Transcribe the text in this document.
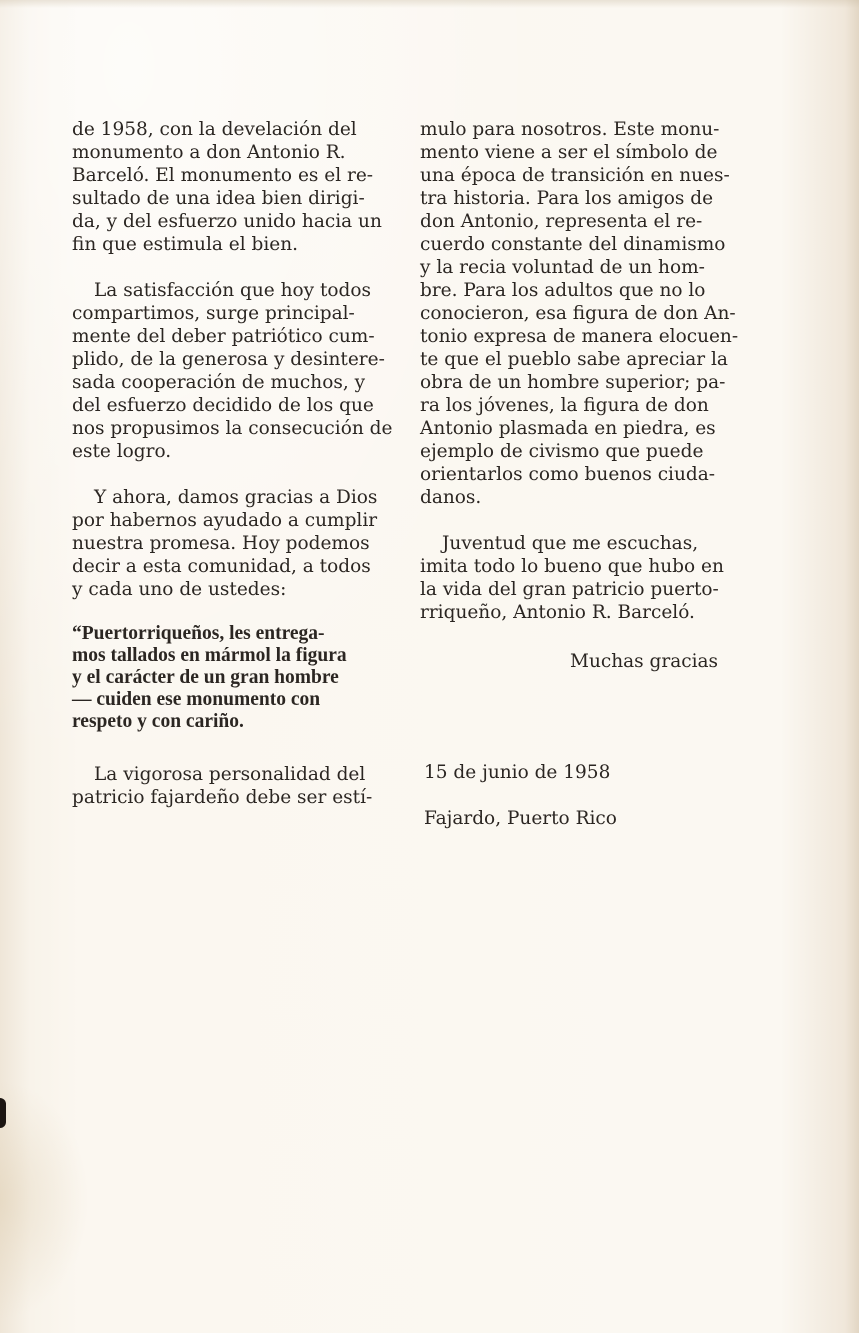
de 1958, con la develación del
monumento a don Antonio R.
Barceló. El monumento es el re-
sultado de una idea bien dirigi-
da, y del esfuerzo unido hacia un
fin que estimula el bien.

La satisfacción que hoy todos
compartimos, surge principal-
mente del deber patriótico cum-
plido, de la generosa y desintere-
sada cooperación de muchos, y
del esfuerzo decidido de los que
nos propusimos la consecución de
este logro.

Y ahora, damos gracias a Dios
por habernos ayudado a cumplir
nuestra promesa. Hoy podemos
decir a esta comunidad, a todos
y cada uno de ustedes:

“Puertorriqueños, les entrega-
mos tallados en mármol la figura
y el carácter de un gran hombre
— cuiden ese monumento con
respeto y con cariño.

La vigorosa personalidad del
patricio fajardeño debe ser estí-

mulo para nosotros. Este monu-
mento viene a ser el símbolo de
una época de transición en nues-
tra historia. Para los amigos de
don Antonio, representa el re-
cuerdo constante del dinamismo
y la recia voluntad de un hom-
bre. Para los adultos que no lo
conocieron, esa figura de don An-
tonio expresa de manera elocuen-
te que el pueblo sabe apreciar la
obra de un hombre superior; pa-
ra los jóvenes, la figura de don
Antonio plasmada en piedra, es
ejemplo de civismo que puede
orientarlos como buenos ciuda-
danos.

Juventud que me escuchas,
imita todo lo bueno que hubo en
la vida del gran patricio puerto-
rriqueño, Antonio R. Barceló.

Muchas gracias

15 de junio de 1958

Fajardo, Puerto Rico
